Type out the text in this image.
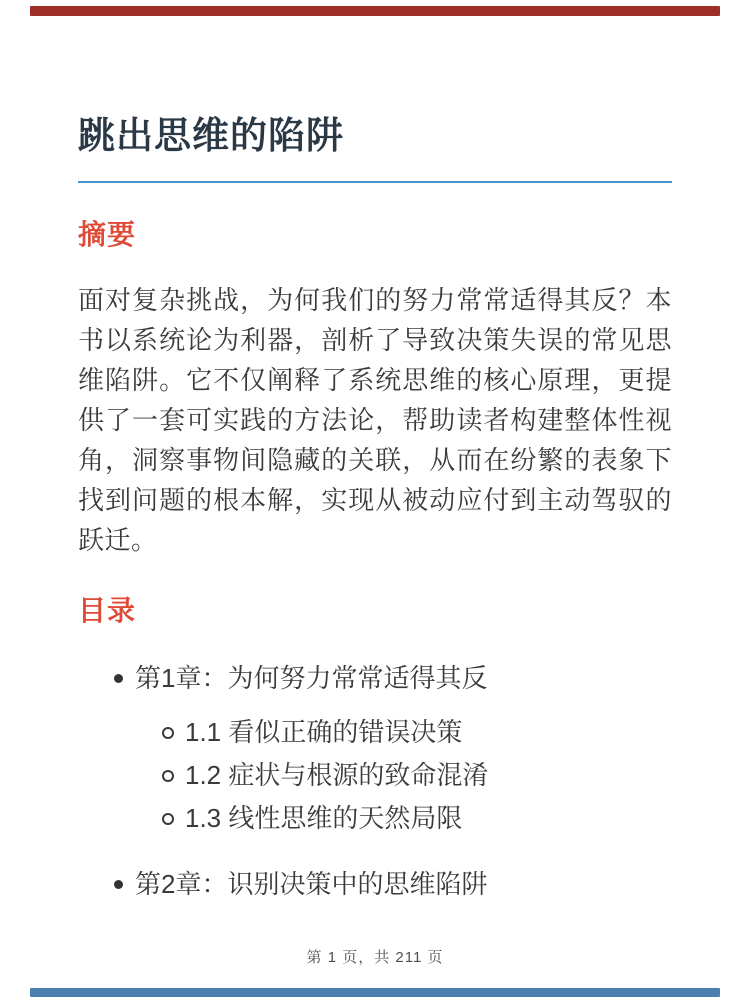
跳出思维的陷阱
摘要

面对复杂挑战，为何我们的努力常常适得其反？本书以系统论为利器，剖析了导致决策失误的常见思维陷阱。它不仅阐释了系统思维的核心原理，更提供了一套可实践的方法论，帮助读者构建整体性视角，洞察事物间隐藏的关联，从而在纷繁的表象下找到问题的根本解，实现从被动应付到主动驾驭的跃迁。

目录
第1章：为何努力常常适得其反
1.1 看似正确的错误决策
1.2 症状与根源的致命混淆
1.3 线性思维的天然局限
第2章：识别决策中的思维陷阱
第 1 页，共 211 页
